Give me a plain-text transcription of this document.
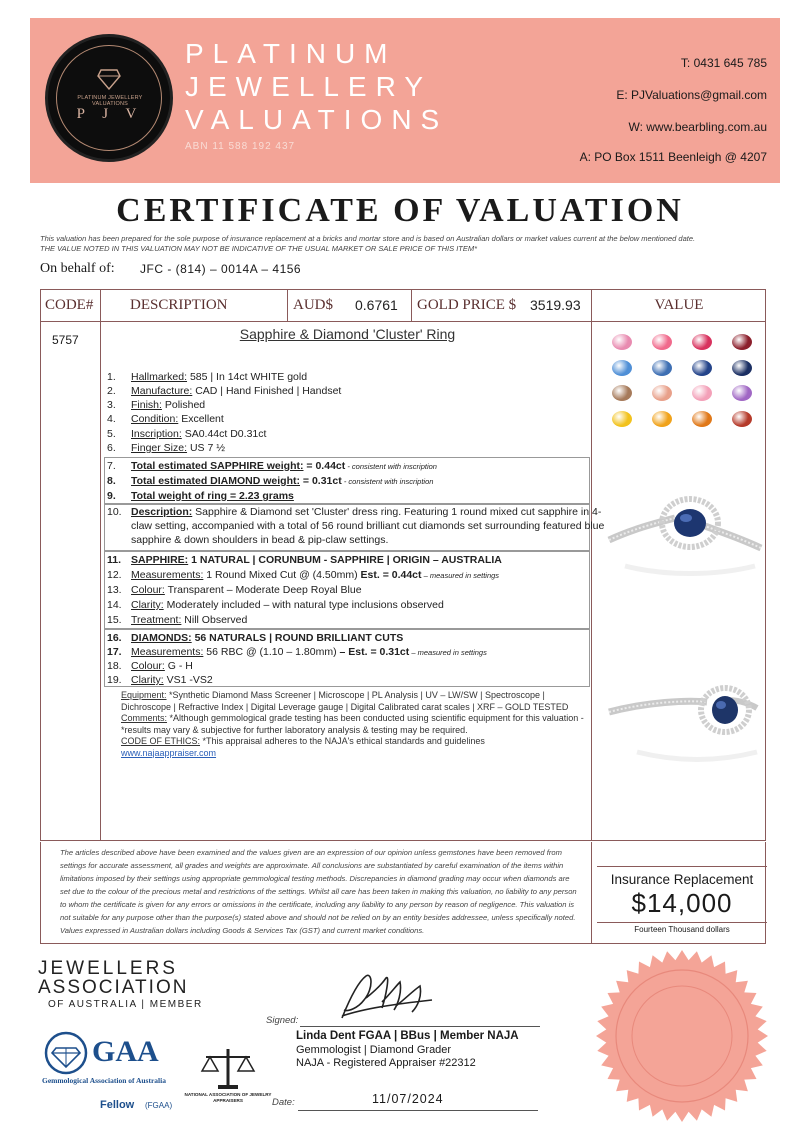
PLATINUM JEWELLERY VALUATIONS
P J V
PLATINUM
JEWELLERY
VALUATIONS
ABN 11 588 192 437
T: 0431 645 785
E: PJValuations@gmail.com
W: www.bearbling.com.au
A: PO Box 1511 Beenleigh @ 4207
CERTIFICATE OF VALUATION
This valuation has been prepared for the sole purpose of insurance replacement at a bricks and mortar store and is based on Australian dollars or market values current at the below mentioned date.
THE VALUE NOTED IN THIS VALUATION MAY NOT BE INDICATIVE OF THE USUAL MARKET OR SALE PRICE OF THIS ITEM*
On behalf of: JFC - (814) – 0014A – 4156
CODE# DESCRIPTION	AUD$ 0.6761 GOLD PRICE $ 3519.93	VALUE
5757	Sapphire & Diamond 'Cluster' Ring
1. Hallmarked: 585 | In 14ct WHITE gold
2. Manufacture: CAD | Hand Finished | Handset
3. Finish: Polished
4. Condition: Excellent
5. Inscription: SA0.44ct D0.31ct
6. Finger Size: US 7 ½
7. Total estimated SAPPHIRE weight: = 0.44ct - consistent with inscription
8. Total estimated DIAMOND weight: = 0.31ct - consistent with inscription
9. Total weight of ring = 2.23 grams
10. Description: Sapphire & Diamond set 'Cluster' dress ring. Featuring 1 round mixed cut sapphire in 4-
claw setting, accompanied with a total of 56 round brilliant cut diamonds set surrounding featured blue
sapphire & down shoulders in bead & pip-claw settings.
11. SAPPHIRE: 1 NATURAL | CORUNBUM - SAPPHIRE | ORIGIN – AUSTRALIA
12. Measurements: 1 Round Mixed Cut @ (4.50mm) Est. = 0.44ct – measured in settings
13. Colour: Transparent – Moderate Deep Royal Blue
14. Clarity: Moderately included – with natural type inclusions observed
15. Treatment: Nill Observed
16. DIAMONDS: 56 NATURALS | ROUND BRILLIANT CUTS
17. Measurements: 56 RBC @ (1.10 – 1.80mm) – Est. = 0.31ct – measured in settings
18. Colour: G - H
19. Clarity: VS1 -VS2
Equipment: *Synthetic Diamond Mass Screener | Microscope | PL Analysis | UV – LW/SW | Spectroscope | Dichroscope | Refractive Index | Digital Leverage gauge | Digital Calibrated carat scales | XRF – GOLD TESTED
Comments: *Although gemmological grade testing has been conducted using scientific equipment for this valuation - *results may vary & subjective for further laboratory analysis & testing may be required.
CODE OF ETHICS: *This appraisal adheres to the NAJA's ethical standards and guidelines
www.najaappraiser.com
The articles described above have been examined and the values given are an expression of our opinion unless gemstones have been removed from settings for accurate assessment, all grades and weights are approximate. All conclusions are substantiated by careful examination of the items within limitations imposed by their settings using appropriate gemmological testing methods. Discrepancies in diamond grading may occur when diamonds are set due to the colour of the precious metal and restrictions of the settings. Whilst all care has been taken in making this valuation, no liability to any person to whom the certificate is given for any errors or omissions in the certificate, including any liability to any person by reason of negligence. This valuation is not suitable for any purpose other than the purpose(s) stated above and should not be relied on by an entity besides addressee, unless specifically noted. Values expressed in Australian dollars including Goods & Services Tax (GST) and current market conditions.
Insurance Replacement
$14,000
Fourteen Thousand dollars
JEWELLERS
ASSOCIATION
OF AUSTRALIA | MEMBER
GAA
Gemmological Association of Australia
Fellow (FGAA)
NATIONAL ASSOCIATION OF JEWELRY APPRAISERS
Signed:
Linda Dent FGAA | BBus | Member NAJA
Gemmologist | Diamond Grader
NAJA - Registered Appraiser #22312
Date:	11/07/2024
